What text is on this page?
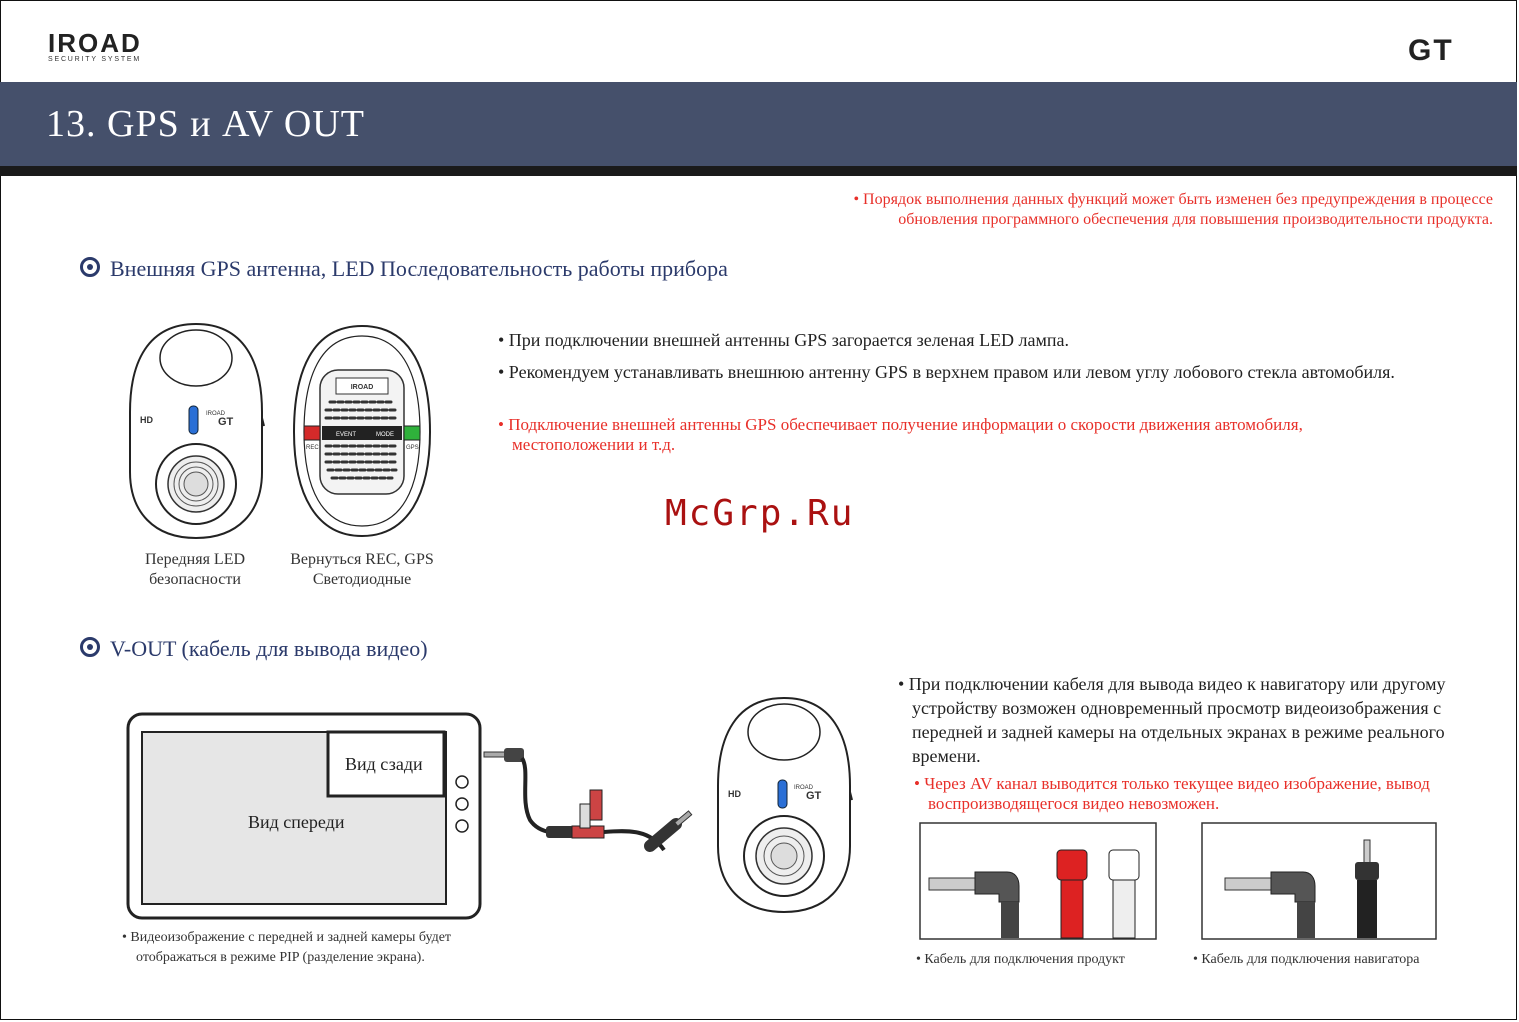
IROAD
SECURITY SYSTEM	GT
13. GPS и AV OUT
• Порядок выполнения данных функций может быть изменен без предупреждения в процессе
обновления программного обеспечения для повышения производительности продукта.
Внешняя GPS антенна, LED Последовательность работы прибора
HD
IROAD
GT
IROAD
EVENT	MODE
REC	GPS
Передняя LED безопасности
Вернуться REC, GPS Светодиодные
• При подключении внешней антенны GPS загорается зеленая LED лампа.
• Рекомендуем устанавливать внешнюю антенну GPS в верхнем правом или левом углу лобового стекла автомобиля.
• Подключение внешней антенны GPS обеспечивает получение информации о скорости движения автомобиля, местоположении и т.д.
McGrp.Ru
V-OUT (кабель для вывода видео)
Вид сзади
Вид спереди
HD
IROAD
GT
• Видеоизображение с передней и задней камеры будет
отображаться в режиме PIP (разделение экрана).
• При подключении кабеля для вывода видео к навигатору или другому устройству возможен одновременный просмотр видеоизображения с передней и задней камеры на отдельных экранах в режиме реального времени.
• Через AV канал выводится только текущее видео изображение, вывод воспроизводящегося видео невозможен.
• Кабель для подключения продукт	• Кабель для подключения навигатора
